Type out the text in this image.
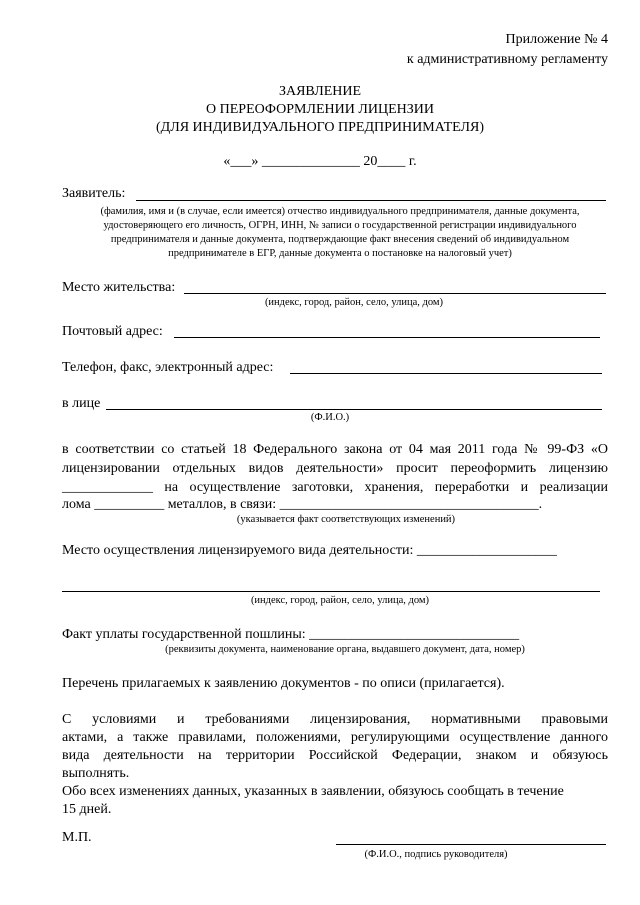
Приложение № 4
к административному регламенту
ЗАЯВЛЕНИЕ
О ПЕРЕОФОРМЛЕНИИ ЛИЦЕНЗИИ
(ДЛЯ ИНДИВИДУАЛЬНОГО ПРЕДПРИНИМАТЕЛЯ)
«___» ______________ 20____ г.
Заявитель:
(фамилия, имя и (в случае, если имеется) отчество индивидуального предпринимателя, данные документа,
удостоверяющего его личность, ОГРН, ИНН, № записи о государственной регистрации индивидуального
предпринимателя и данные документа, подтверждающие факт внесения сведений об индивидуальном
предпринимателе в ЕГР, данные документа о постановке на налоговый учет)
Место жительства:
(индекс, город, район, село, улица, дом)
Почтовый адрес:
Телефон, факс, электронный адрес:
в лице
(Ф.И.О.)
в соответствии со статьей 18 Федерального закона от 04 мая 2011 года № 99-ФЗ «О
лицензировании отдельных видов деятельности» просит переоформить лицензию
_____________ на осуществление заготовки, хранения, переработки и реализации
лома __________ металлов, в связи: _____________________________________.
(указывается факт соответствующих изменений)
Место осуществления лицензируемого вида деятельности: ____________________
(индекс, город, район, село, улица, дом)
Факт уплаты государственной пошлины: ______________________________
(реквизиты документа, наименование органа, выдавшего документ, дата, номер)
Перечень прилагаемых к заявлению документов - по описи (прилагается).
С условиями и требованиями лицензирования, нормативными правовыми
актами, а также правилами, положениями, регулирующими осуществление данного
вида деятельности на территории Российской Федерации, знаком и обязуюсь
выполнять.
Обо всех изменениях данных, указанных в заявлении, обязуюсь сообщать в течение
15 дней.
М.П.
(Ф.И.О., подпись руководителя)
